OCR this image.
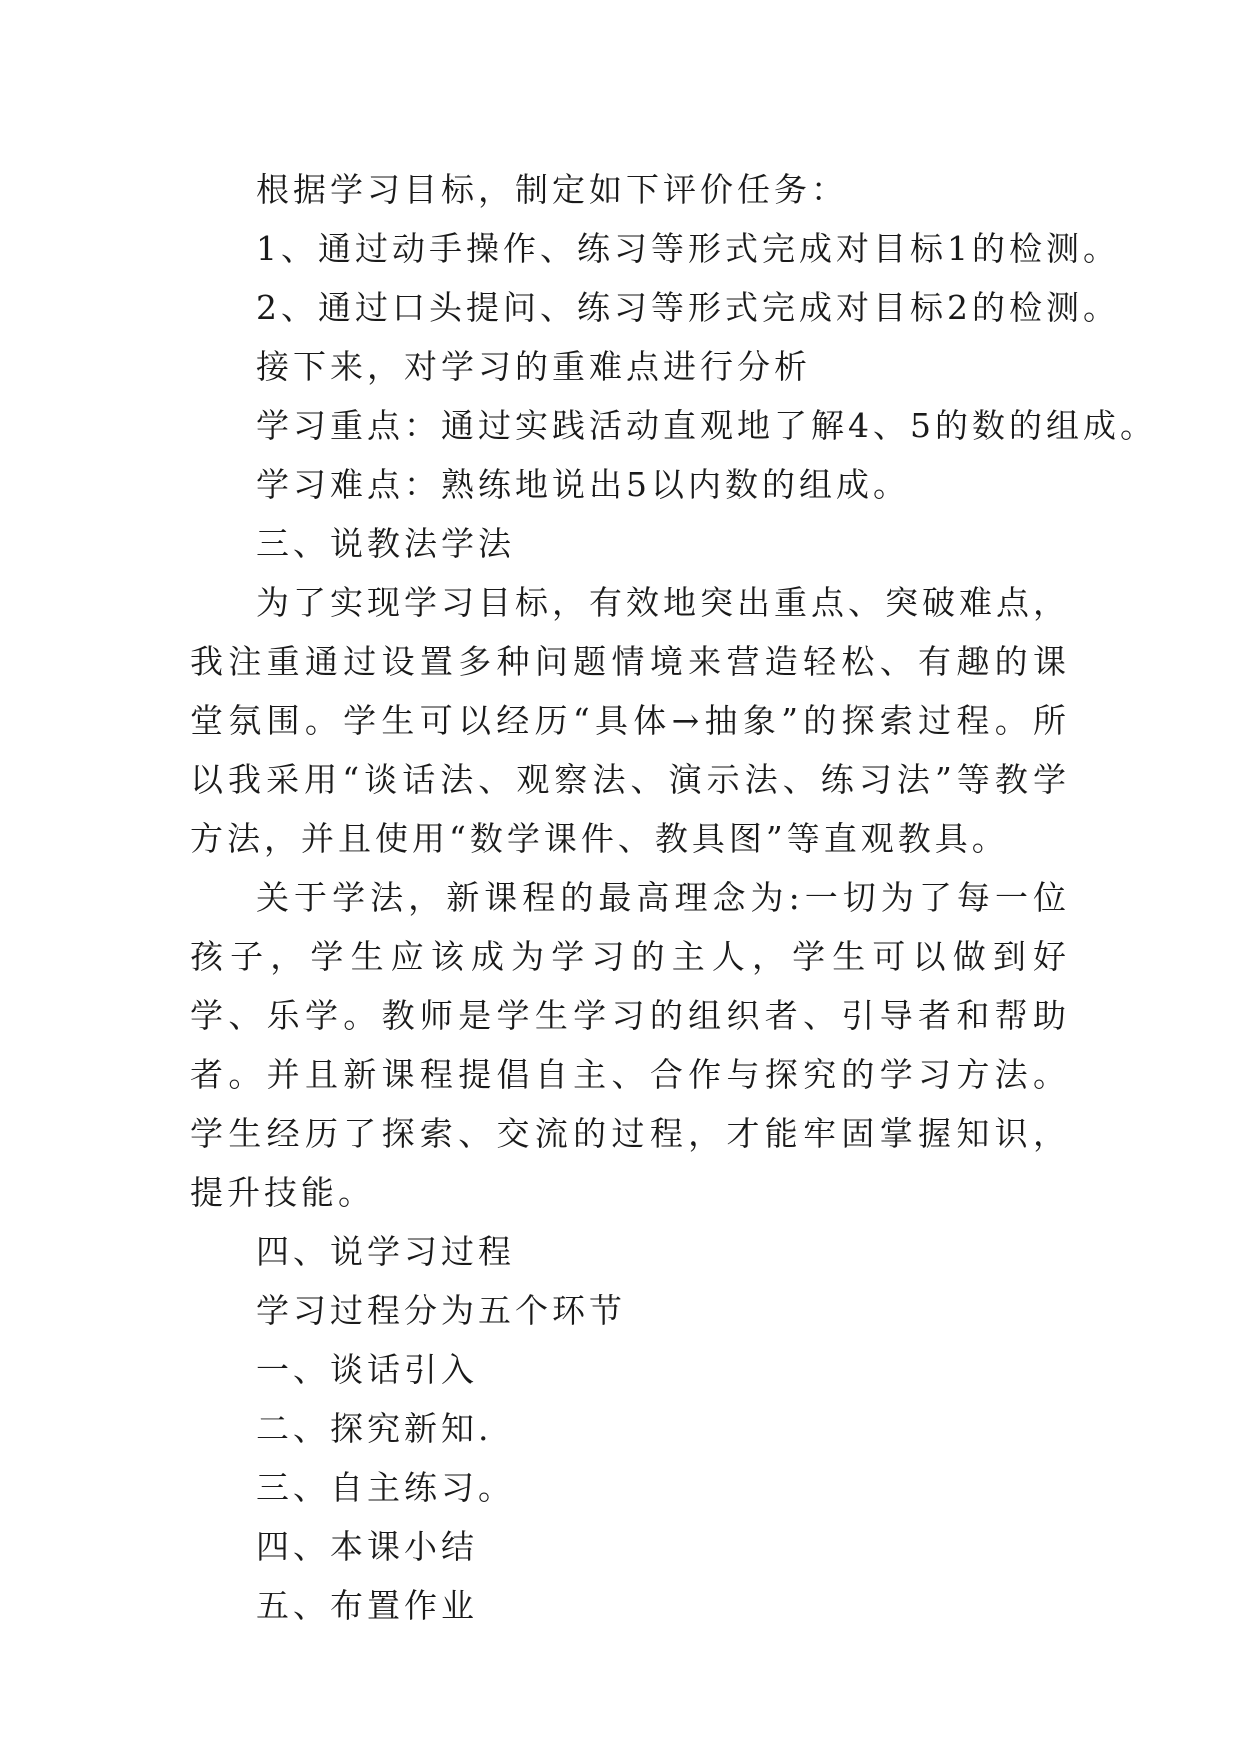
根据学习目标，制定如下评价任务：
1、通过动手操作、练习等形式完成对目标1的检测。
2、通过口头提问、练习等形式完成对目标2的检测。
接下来，对学习的重难点进行分析
学习重点：通过实践活动直观地了解4、5的数的组成。
学习难点：熟练地说出5以内数的组成。
三、说教法学法

为了实现学习目标，有效地突出重点、突破难点，我注重通过设置多种问题情境来营造轻松、有趣的课堂氛围。学生可以经历“具体→抽象”的探索过程。所以我采用“谈话法、观察法、演示法、练习法”等教学方法，并且使用“数学课件、教具图”等直观教具。

关于学法，新课程的最高理念为:一切为了每一位孩子，学生应该成为学习的主人，学生可以做到好学、乐学。教师是学生学习的组织者、引导者和帮助者。并且新课程提倡自主、合作与探究的学习方法。学生经历了探索、交流的过程，才能牢固掌握知识，提升技能。

四、说学习过程
学习过程分为五个环节
一、谈话引入
二、探究新知.
三、自主练习。
四、本课小结
五、布置作业
